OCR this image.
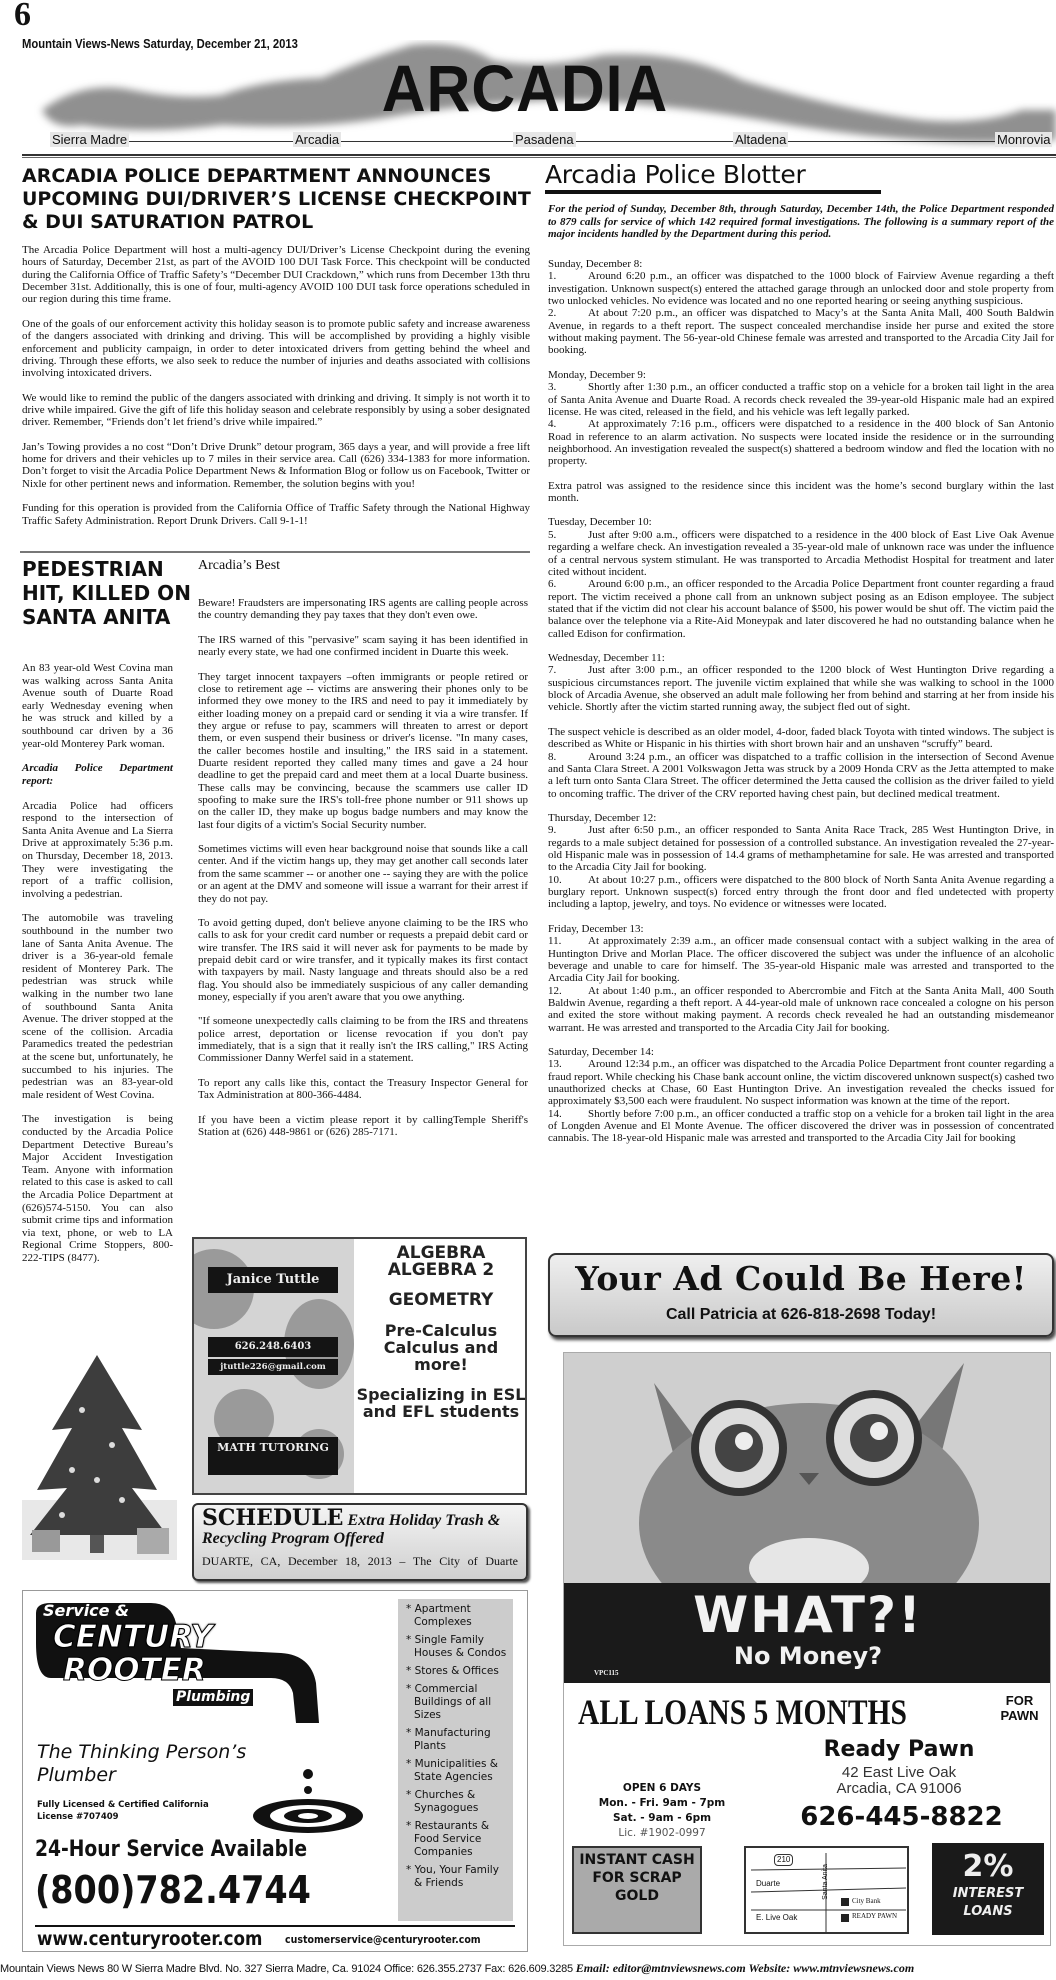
6
Mountain Views-News Saturday, December 21, 2013
ARCADIA
Sierra Madre	Arcadia	Pasadena	Altadena	Monrovia
ARCADIA POLICE DEPARTMENT ANNOUNCES UPCOMING DUI/DRIVER’S LICENSE CHECKPOINT & DUI SATURATION PATROL

The Arcadia Police Department will host a multi-agency DUI/Driver’s License Checkpoint during the evening hours of Saturday, December 21st, as part of the AVOID 100 DUI Task Force. This checkpoint will be conducted during the California Office of Traffic Safety’s “December DUI Crackdown,” which runs from December 13th thru December 31st. Additionally, this is one of four, multi-agency AVOID 100 DUI task force operations scheduled in our region during this time frame.

One of the goals of our enforcement activity this holiday season is to promote public safety and increase awareness of the dangers associated with drinking and driving. This will be accomplished by providing a highly visible enforcement and publicity campaign, in order to deter intoxicated drivers from getting behind the wheel and driving. Through these efforts, we also seek to reduce the number of injuries and deaths associated with collisions involving intoxicated drivers.

We would like to remind the public of the dangers associated with drinking and driving. It simply is not worth it to drive while impaired. Give the gift of life this holiday season and celebrate responsibly by using a sober designated driver. Remember, “Friends don’t let friend’s drive while impaired.”

Jan’s Towing provides a no cost “Don’t Drive Drunk” detour program, 365 days a year, and will provide a free lift home for drivers and their vehicles up to 7 miles in their service area. Call (626) 334-1383 for more information. Don’t forget to visit the Arcadia Police Department News & Information Blog or follow us on Facebook, Twitter or Nixle for other pertinent news and information. Remember, the solution begins with you!

Funding for this operation is provided from the California Office of Traffic Safety through the National Highway Traffic Safety Administration. Report Drunk Drivers. Call 9-1-1!

PEDESTRIAN HIT, KILLED ON SANTA ANITA

An 83 year-old West Covina man was walking across Santa Anita Avenue south of Duarte Road early Wednesday evening when he was struck and killed by a southbound car driven by a 36 year-old Monterey Park woman.

Arcadia Police Department report:

Arcadia Police had officers respond to the intersection of Santa Anita Avenue and La Sierra Drive at approximately 5:36 p.m. on Thursday, December 18, 2013. They were investigating the report of a traffic collision, involving a pedestrian.

The automobile was traveling southbound in the number two lane of Santa Anita Avenue. The driver is a 36-year-old female resident of Monterey Park. The pedestrian was struck while walking in the number two lane of southbound Santa Anita Avenue. The driver stopped at the scene of the collision. Arcadia Paramedics treated the pedestrian at the scene but, unfortunately, he succumbed to his injuries. The pedestrian was an 83-year-old male resident of West Covina.

The investigation is being conducted by the Arcadia Police Department Detective Bureau’s Major Accident Investigation Team. Anyone with information related to this case is asked to call the Arcadia Police Department at (626)574-5150. You can also submit crime tips and information via text, phone, or web to LA Regional Crime Stoppers, 800-222-TIPS (8477).

Arcadia’s Best

Beware! Fraudsters are impersonating IRS agents are calling people across the country demanding they pay taxes that they don't even owe.

The IRS warned of this "pervasive" scam saying it has been identified in nearly every state, we had one confirmed incident in Duarte this week.

They target innocent taxpayers –often immigrants or people retired or close to retirement age -- victims are answering their phones only to be informed they owe money to the IRS and need to pay it immediately by either loading money on a prepaid card or sending it via a wire transfer. If they argue or refuse to pay, scammers will threaten to arrest or deport them, or even suspend their business or driver's license. "In many cases, the caller becomes hostile and insulting," the IRS said in a statement. Duarte resident reported they called many times and gave a 24 hour deadline to get the prepaid card and meet them at a local Duarte business. These calls may be convincing, because the scammers use caller ID spoofing to make sure the IRS's toll-free phone number or 911 shows up on the caller ID, they make up bogus badge numbers and may know the last four digits of a victim's Social Security number.

Sometimes victims will even hear background noise that sounds like a call center. And if the victim hangs up, they may get another call seconds later from the same scammer -- or another one -- saying they are with the police or an agent at the DMV and someone will issue a warrant for their arrest if they do not pay.

To avoid getting duped, don't believe anyone claiming to be the IRS who calls to ask for your credit card number or requests a prepaid debit card or wire transfer. The IRS said it will never ask for payments to be made by prepaid debit card or wire transfer, and it typically makes its first contact with taxpayers by mail. Nasty language and threats should also be a red flag. You should also be immediately suspicious of any caller demanding money, especially if you aren't aware that you owe anything.

"If someone unexpectedly calls claiming to be from the IRS and threatens police arrest, deportation or license revocation if you don't pay immediately, that is a sign that it really isn't the IRS calling," IRS Acting Commissioner Danny Werfel said in a statement.

To report any calls like this, contact the Treasury Inspector General for Tax Administration at 800-366-4484.

If you have been a victim please report it by callingTemple Sheriff's Station at (626) 448-9861 or (626) 285-7171.

Janice Tuttle
626.248.6403
jtuttle226@gmail.com
MATH TUTORING
ALGEBRA ALGEBRA 2
GEOMETRY
Pre-Calculus Calculus and more!
Specializing in ESL and EFL students
SCHEDULE Extra Holiday Trash & Recycling Program Offered
DUARTE, CA, December 18, 2013 – The City of Duarte
Service &
CENTURY
ROOTER
Plumbing
The Thinking Person’s Plumber
Fully Licensed & Certified California License #707409
24-Hour Service Available
(800)782.4744
www.centuryrooter.com customerservice@centuryrooter.com
* Apartment Complexes
* Single Family Houses & Condos
* Stores & Offices
* Commercial Buildings of all Sizes
* Manufacturing Plants
* Municipalities & State Agencies
* Churches & Synagogues
* Restaurants & Food Service Companies
* You, Your Family & Friends
Arcadia Police Blotter
For the period of Sunday, December 8th, through Saturday, December 14th, the Police Department responded to 879 calls for service of which 142 required formal investigations. The following is a summary report of the major incidents handled by the Department during this period.
Sunday, December 8:
1.	Around 6:20 p.m., an officer was dispatched to the 1000 block of Fairview Avenue regarding a theft investigation. Unknown suspect(s) entered the attached garage through an unlocked door and stole property from two unlocked vehicles. No evidence was located and no one reported hearing or seeing anything suspicious.
2.	At about 7:20 p.m., an officer was dispatched to Macy’s at the Santa Anita Mall, 400 South Baldwin Avenue, in regards to a theft report. The suspect concealed merchandise inside her purse and exited the store without making payment. The 56-year-old Chinese female was arrested and transported to the Arcadia City Jail for booking.
Monday, December 9:
3.	Shortly after 1:30 p.m., an officer conducted a traffic stop on a vehicle for a broken tail light in the area of Santa Anita Avenue and Duarte Road. A records check revealed the 39-year-old Hispanic male had an expired license. He was cited, released in the field, and his vehicle was left legally parked.
4.	At approximately 7:16 p.m., officers were dispatched to a residence in the 400 block of San Antonio Road in reference to an alarm activation. No suspects were located inside the residence or in the surrounding neighborhood. An investigation revealed the suspect(s) shattered a bedroom window and fled the location with no property.
Extra patrol was assigned to the residence since this incident was the home’s second burglary within the last month.
Tuesday, December 10:
5.	Just after 9:00 a.m., officers were dispatched to a residence in the 400 block of East Live Oak Avenue regarding a welfare check. An investigation revealed a 35-year-old male of unknown race was under the influence of a central nervous system stimulant. He was transported to Arcadia Methodist Hospital for treatment and later cited without incident.
6.	Around 6:00 p.m., an officer responded to the Arcadia Police Department front counter regarding a fraud report. The victim received a phone call from an unknown subject posing as an Edison employee. The subject stated that if the victim did not clear his account balance of $500, his power would be shut off. The victim paid the balance over the telephone via a Rite-Aid Moneypak and later discovered he had no outstanding balance when he called Edison for confirmation.
Wednesday, December 11:
7.	Just after 3:00 p.m., an officer responded to the 1200 block of West Huntington Drive regarding a suspicious circumstances report. The juvenile victim explained that while she was walking to school in the 1000 block of Arcadia Avenue, she observed an adult male following her from behind and starring at her from inside his vehicle. Shortly after the victim started running away, the subject fled out of sight.
The suspect vehicle is described as an older model, 4-door, faded black Toyota with tinted windows. The subject is described as White or Hispanic in his thirties with short brown hair and an unshaven “scruffy” beard.
8.	Around 3:24 p.m., an officer was dispatched to a traffic collision in the intersection of Second Avenue and Santa Clara Street. A 2001 Volkswagon Jetta was struck by a 2009 Honda CRV as the Jetta attempted to make a left turn onto Santa Clara Street. The officer determined the Jetta caused the collision as the driver failed to yield to oncoming traffic. The driver of the CRV reported having chest pain, but declined medical treatment.
Thursday, December 12:
9.	Just after 6:50 p.m., an officer responded to Santa Anita Race Track, 285 West Huntington Drive, in regards to a male subject detained for possession of a controlled substance. An investigation revealed the 27-year-old Hispanic male was in possession of 14.4 grams of methamphetamine for sale. He was arrested and transported to the Arcadia City Jail for booking.
10. At about 10:27 p.m., officers were dispatched to the 800 block of North Santa Anita Avenue regarding a burglary report. Unknown suspect(s) forced entry through the front door and fled undetected with property including a laptop, jewelry, and toys. No evidence or witnesses were located.
Friday, December 13:
11. At approximately 2:39 a.m., an officer made consensual contact with a subject walking in the area of Huntington Drive and Morlan Place. The officer discovered the subject was under the influence of an alcoholic beverage and unable to care for himself. The 35-year-old Hispanic male was arrested and transported to the Arcadia City Jail for booking.
12. At about 1:40 p.m., an officer responded to Abercrombie and Fitch at the Santa Anita Mall, 400 South Baldwin Avenue, regarding a theft report. A 44-year-old male of unknown race concealed a cologne on his person and exited the store without making payment. A records check revealed he had an outstanding misdemeanor warrant. He was arrested and transported to the Arcadia City Jail for booking.
Saturday, December 14:
13. Around 12:34 p.m., an officer was dispatched to the Arcadia Police Department front counter regarding a fraud report. While checking his Chase bank account online, the victim discovered unknown suspect(s) cashed two unauthorized checks at Chase, 60 East Huntington Drive. An investigation revealed the checks issued for approximately $3,500 each were fraudulent. No suspect information was known at the time of the report.
14. Shortly before 7:00 p.m., an officer conducted a traffic stop on a vehicle for a broken tail light in the area of Longden Avenue and El Monte Avenue. The officer discovered the driver was in possession of concentrated cannabis. The 18-year-old Hispanic male was arrested and transported to the Arcadia City Jail for booking
Your Ad Could Be Here!
Call Patricia at 626-818-2698 Today!
WHAT?!
No Money?
VPC115
ALL LOANS 5 MONTHS	FOR PAWN
Ready Pawn
42 East Live Oak
Arcadia, CA 91006
OPEN 6 DAYS
Mon. - Fri. 9am - 7pm
Sat. - 9am - 6pm
Lic. #1902-0997
626-445-8822
INSTANT CASH FOR SCRAP GOLD
210
Duarte	Santa Anita
E. Live Oak
City Bank
READY PAWN
2%
INTEREST LOANS
Mountain Views News 80 W Sierra Madre Blvd. No. 327 Sierra Madre, Ca. 91024 Office: 626.355.2737 Fax: 626.609.3285 Email: editor@mtnviewsnews.com Website: www.mtnviewsnews.com
